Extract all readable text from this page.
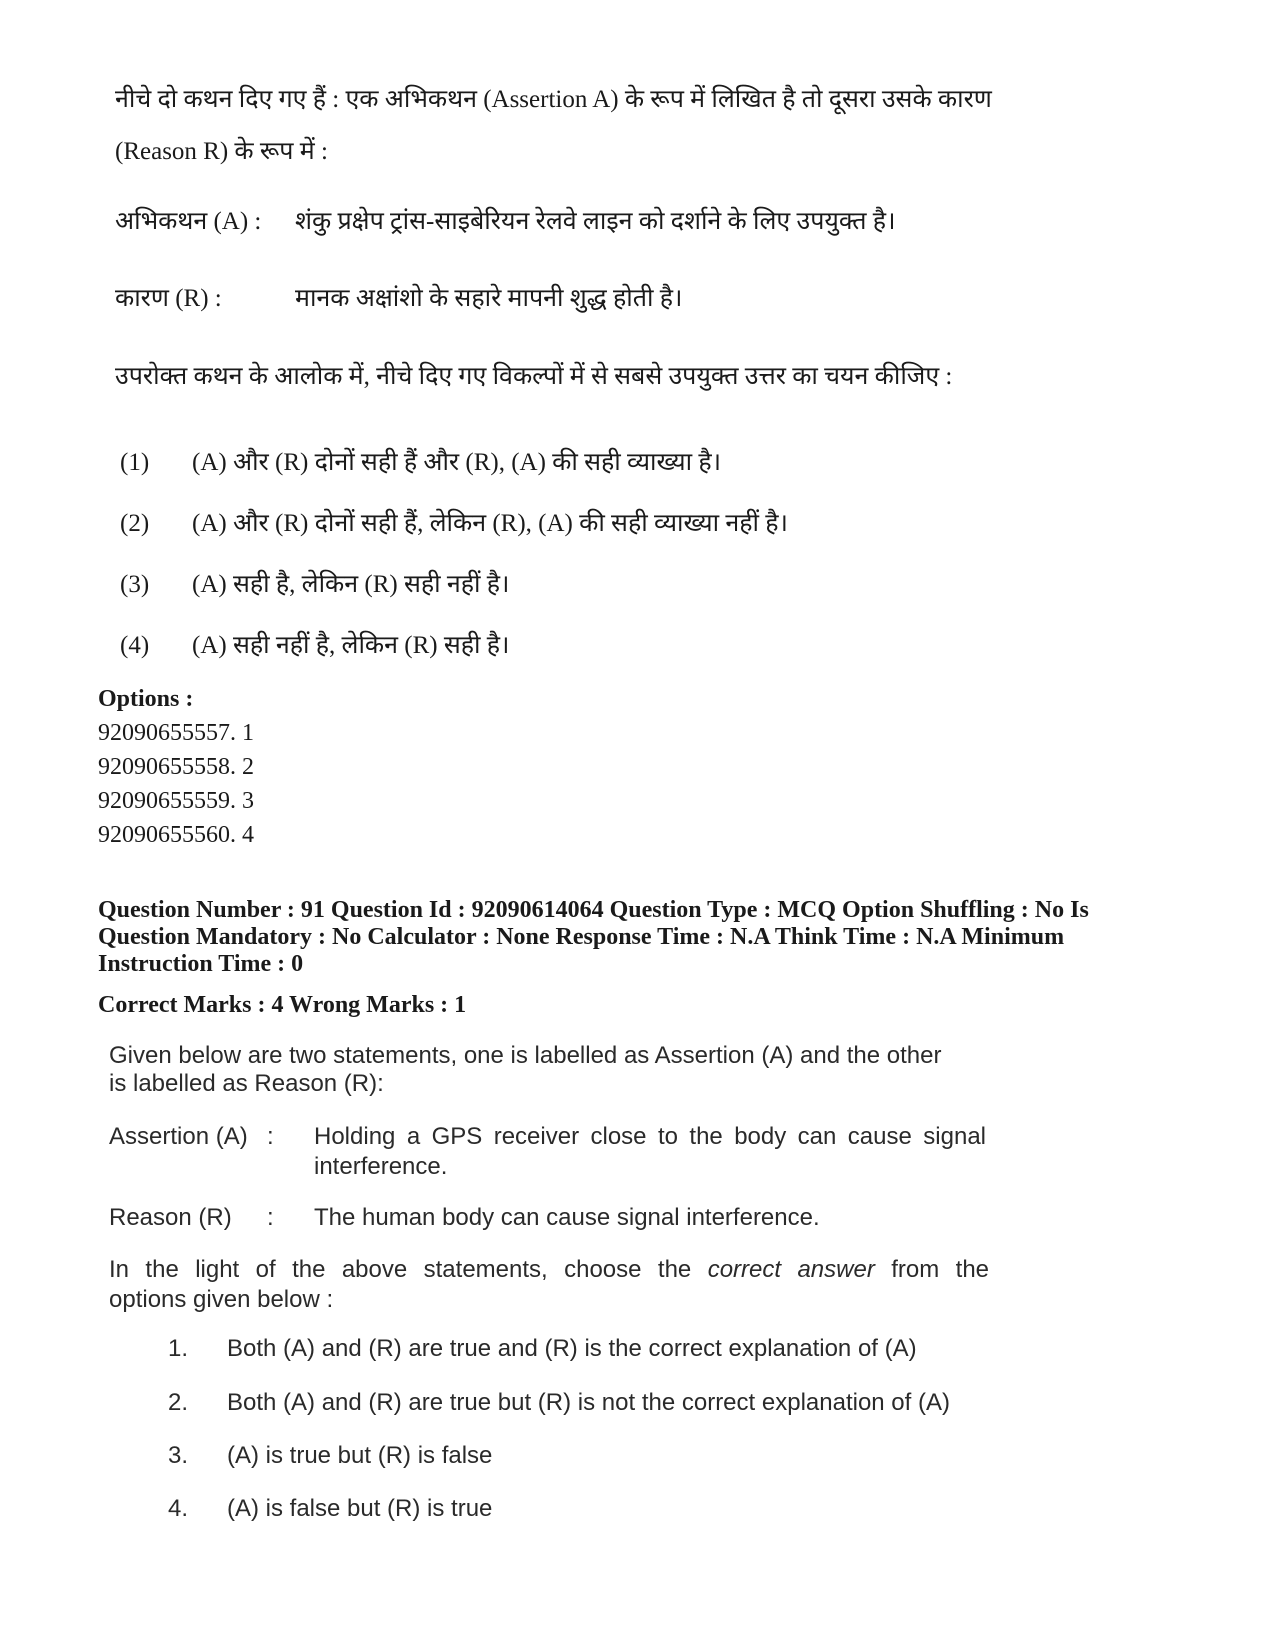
नीचे दो कथन दिए गए हैं : एक अभिकथन (Assertion A) के रूप में लिखित है तो दूसरा उसके कारण
(Reason R) के रूप में :
अभिकथन (A) : शंकु प्रक्षेप ट्रांस-साइबेरियन रेलवे लाइन को दर्शाने के लिए उपयुक्त है।
कारण (R) :	मानक अक्षांशो के सहारे मापनी शुद्ध होती है।
उपरोक्त कथन के आलोक में, नीचे दिए गए विकल्पों में से सबसे उपयुक्त उत्तर का चयन कीजिए :
(1) (A) और (R) दोनों सही हैं और (R), (A) की सही व्याख्या है।
(2) (A) और (R) दोनों सही हैं, लेकिन (R), (A) की सही व्याख्या नहीं है।
(3) (A) सही है, लेकिन (R) सही नहीं है।
(4) (A) सही नहीं है, लेकिन (R) सही है।
Options :
92090655557. 1
92090655558. 2
92090655559. 3
92090655560. 4
Question Number : 91 Question Id : 92090614064 Question Type : MCQ Option Shuffling : No Is Question Mandatory : No Calculator : None Response Time : N.A Think Time : N.A Minimum Instruction Time : 0
Correct Marks : 4 Wrong Marks : 1
Given below are two statements, one is labelled as Assertion (A) and the other
is labelled as Reason (R):
Assertion (A) : Holding a GPS receiver close to the body can cause signal
interference.
Reason (R)	: The human body can cause signal interference.
In the light of the above statements, choose the correct answer from the
options given below :
1. Both (A) and (R) are true and (R) is the correct explanation of (A)
2. Both (A) and (R) are true but (R) is not the correct explanation of (A)
3. (A) is true but (R) is false
4. (A) is false but (R) is true
